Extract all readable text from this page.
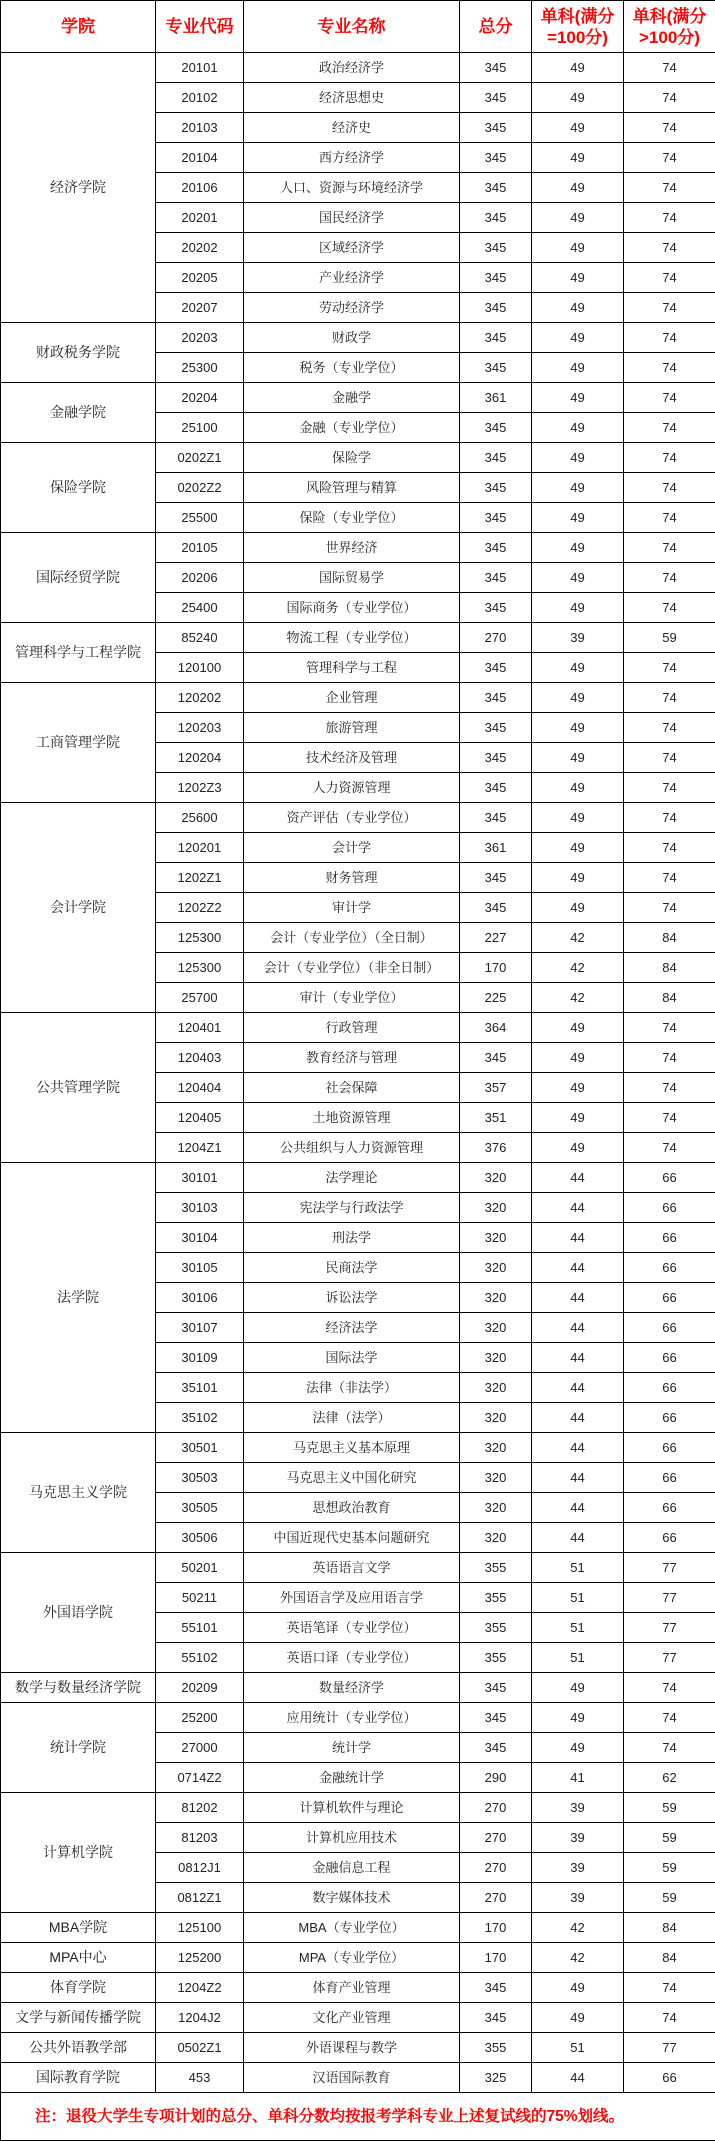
学院	专业代码	专业名称	总分	单科(满分=100分)	单科(满分>100分)
经济学院	20101	政治经济学	345	49	74
	20102	经济思想史	345	49	74
	20103	经济史	345	49	74
	20104	西方经济学	345	49	74
	20106	人口、资源与环境经济学	345	49	74
	20201	国民经济学	345	49	74
	20202	区域经济学	345	49	74
	20205	产业经济学	345	49	74
	20207	劳动经济学	345	49	74
财政税务学院	20203	财政学	345	49	74
	25300	税务（专业学位）	345	49	74
金融学院	20204	金融学	361	49	74
	25100	金融（专业学位）	345	49	74
保险学院	0202Z1	保险学	345	49	74
	0202Z2	风险管理与精算	345	49	74
	25500	保险（专业学位）	345	49	74
国际经贸学院	20105	世界经济	345	49	74
	20206	国际贸易学	345	49	74
	25400	国际商务（专业学位）	345	49	74
管理科学与工程学院	85240	物流工程（专业学位）	270	39	59
	120100	管理科学与工程	345	49	74
工商管理学院	120202	企业管理	345	49	74
	120203	旅游管理	345	49	74
	120204	技术经济及管理	345	49	74
	1202Z3	人力资源管理	345	49	74
会计学院	25600	资产评估（专业学位）	345	49	74
	120201	会计学	361	49	74
	1202Z1	财务管理	345	49	74
	1202Z2	审计学	345	49	74
	125300	会计（专业学位）（全日制）	227	42	84
	125300	会计（专业学位）（非全日制）	170	42	84
	25700	审计（专业学位）	225	42	84
公共管理学院	120401	行政管理	364	49	74
	120403	教育经济与管理	345	49	74
	120404	社会保障	357	49	74
	120405	土地资源管理	351	49	74
	1204Z1	公共组织与人力资源管理	376	49	74
法学院	30101	法学理论	320	44	66
	30103	宪法学与行政法学	320	44	66
	30104	刑法学	320	44	66
	30105	民商法学	320	44	66
	30106	诉讼法学	320	44	66
	30107	经济法学	320	44	66
	30109	国际法学	320	44	66
	35101	法律（非法学）	320	44	66
	35102	法律（法学）	320	44	66
马克思主义学院	30501	马克思主义基本原理	320	44	66
	30503	马克思主义中国化研究	320	44	66
	30505	思想政治教育	320	44	66
	30506	中国近现代史基本问题研究	320	44	66
外国语学院	50201	英语语言文学	355	51	77
	50211	外国语言学及应用语言学	355	51	77
	55101	英语笔译（专业学位）	355	51	77
	55102	英语口译（专业学位）	355	51	77
数学与数量经济学院	20209	数量经济学	345	49	74
统计学院	25200	应用统计（专业学位）	345	49	74
	27000	统计学	345	49	74
	0714Z2	金融统计学	290	41	62
计算机学院	81202	计算机软件与理论	270	39	59
	81203	计算机应用技术	270	39	59
	0812J1	金融信息工程	270	39	59
	0812Z1	数字媒体技术	270	39	59
MBA学院	125100	MBA（专业学位）	170	42	84
MPA中心	125200	MPA（专业学位）	170	42	84
体育学院	1204Z2	体育产业管理	345	49	74
文学与新闻传播学院	1204J2	文化产业管理	345	49	74
公共外语教学部	0502Z1	外语课程与教学	355	51	77
国际教育学院	453	汉语国际教育	325	44	66
注：退役大学生专项计划的总分、单科分数均按报考学科专业上述复试线的75%划线。					
